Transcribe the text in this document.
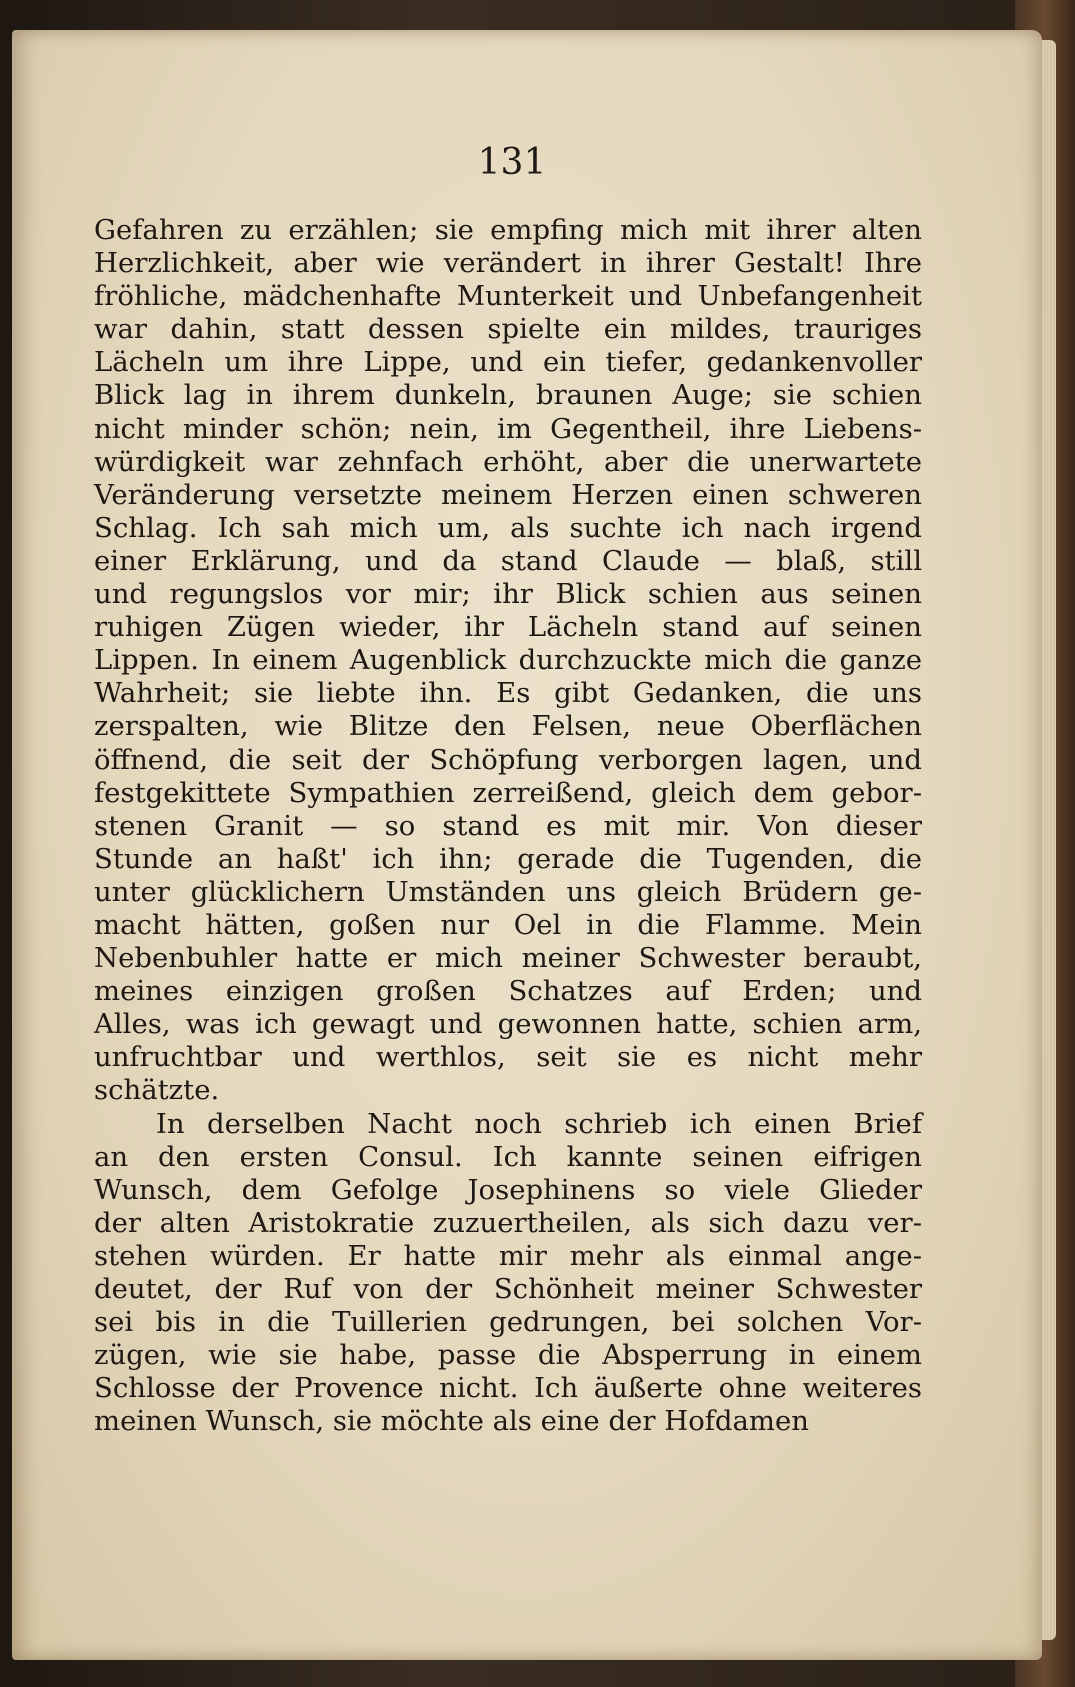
131

Gefahren zu erzählen; sie empfing mich mit ihrer alten
Herzlichkeit, aber wie verändert in ihrer Gestalt! Ihre
fröhliche, mädchenhafte Munterkeit und Unbefangenheit
war dahin, statt dessen spielte ein mildes, trauriges
Lächeln um ihre Lippe, und ein tiefer, gedankenvoller
Blick lag in ihrem dunkeln, braunen Auge; sie schien
nicht minder schön; nein, im Gegentheil, ihre Liebens-
würdigkeit war zehnfach erhöht, aber die unerwartete
Veränderung versetzte meinem Herzen einen schweren
Schlag. Ich sah mich um, als suchte ich nach irgend
einer Erklärung, und da stand Claude — blaß, still
und regungslos vor mir; ihr Blick schien aus seinen
ruhigen Zügen wieder, ihr Lächeln stand auf seinen
Lippen. In einem Augenblick durchzuckte mich die ganze
Wahrheit; sie liebte ihn. Es gibt Gedanken, die uns
zerspalten, wie Blitze den Felsen, neue Oberflächen
öffnend, die seit der Schöpfung verborgen lagen, und
festgekittete Sympathien zerreißend, gleich dem gebor-
stenen Granit — so stand es mit mir. Von dieser
Stunde an haßt' ich ihn; gerade die Tugenden, die
unter glücklichern Umständen uns gleich Brüdern ge-
macht hätten, goßen nur Oel in die Flamme. Mein
Nebenbuhler hatte er mich meiner Schwester beraubt,
meines einzigen großen Schatzes auf Erden; und
Alles, was ich gewagt und gewonnen hatte, schien arm,
unfruchtbar und werthlos, seit sie es nicht mehr
schätzte.

In derselben Nacht noch schrieb ich einen Brief
an den ersten Consul. Ich kannte seinen eifrigen
Wunsch, dem Gefolge Josephinens so viele Glieder
der alten Aristokratie zuzuertheilen, als sich dazu ver-
stehen würden. Er hatte mir mehr als einmal ange-
deutet, der Ruf von der Schönheit meiner Schwester
sei bis in die Tuillerien gedrungen, bei solchen Vor-
zügen, wie sie habe, passe die Absperrung in einem
Schlosse der Provence nicht. Ich äußerte ohne weiteres
meinen Wunsch, sie möchte als eine der Hofdamen
